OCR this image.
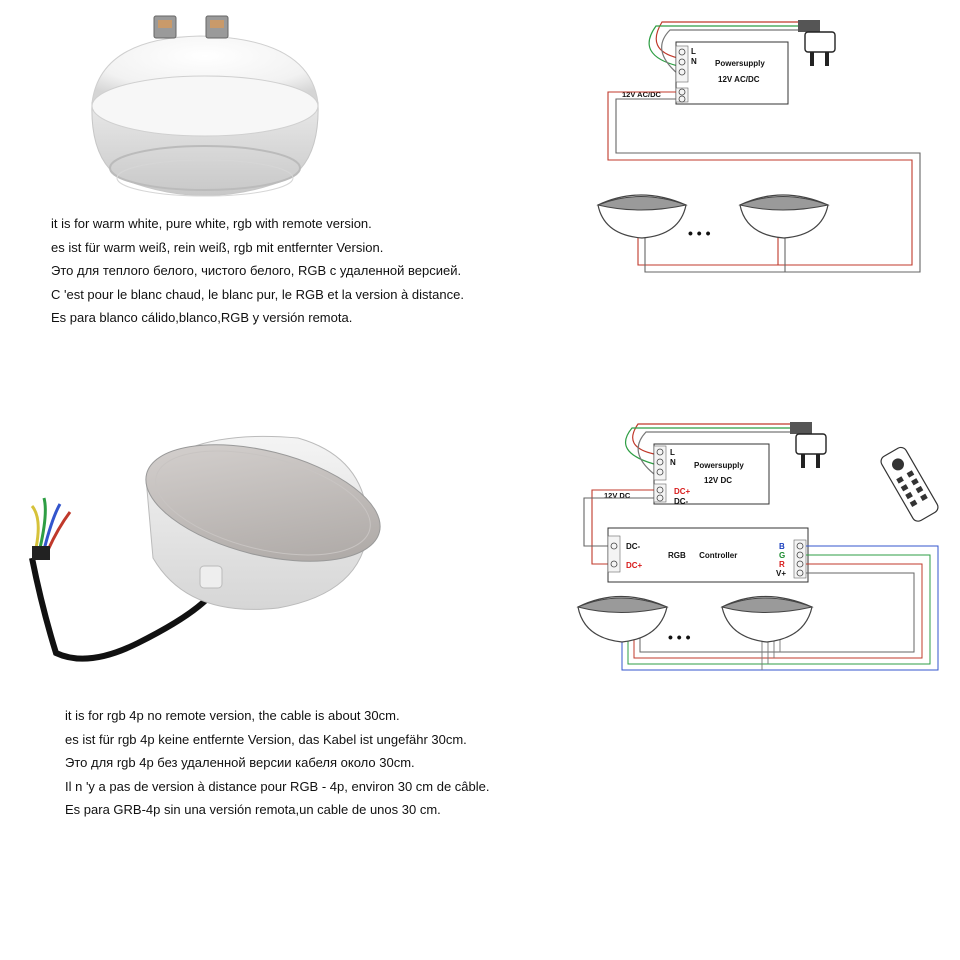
it is for warm white, pure white, rgb with remote version.
es ist für warm weiß, rein weiß, rgb mit entfernter Version.
Это для теплого белого, чистого белого, RGB с удаленной версией.
C 'est pour le blanc chaud, le blanc pur, le RGB et la version à distance.
Es para blanco cálido,blanco,RGB y versión remota.
L
N Powersupply
12V AC/DC
12V AC/DC
• • •
it is for rgb 4p no remote version, the cable is about 30cm.
es ist für rgb 4p keine entfernte Version, das Kabel ist ungefähr 30cm.
Это для rgb 4p без удаленной версии кабеля около 30cm.
Il n 'y a pas de version à distance pour RGB - 4p, environ 30 cm de câble.
Es para GRB-4p sin una versión remota,un cable de unos 30 cm.
L
N Powersupply
12V DC
DC+
DC-
12V DC
DC-
DC+
RGB      Controller
B
G
R
V+
• • •
